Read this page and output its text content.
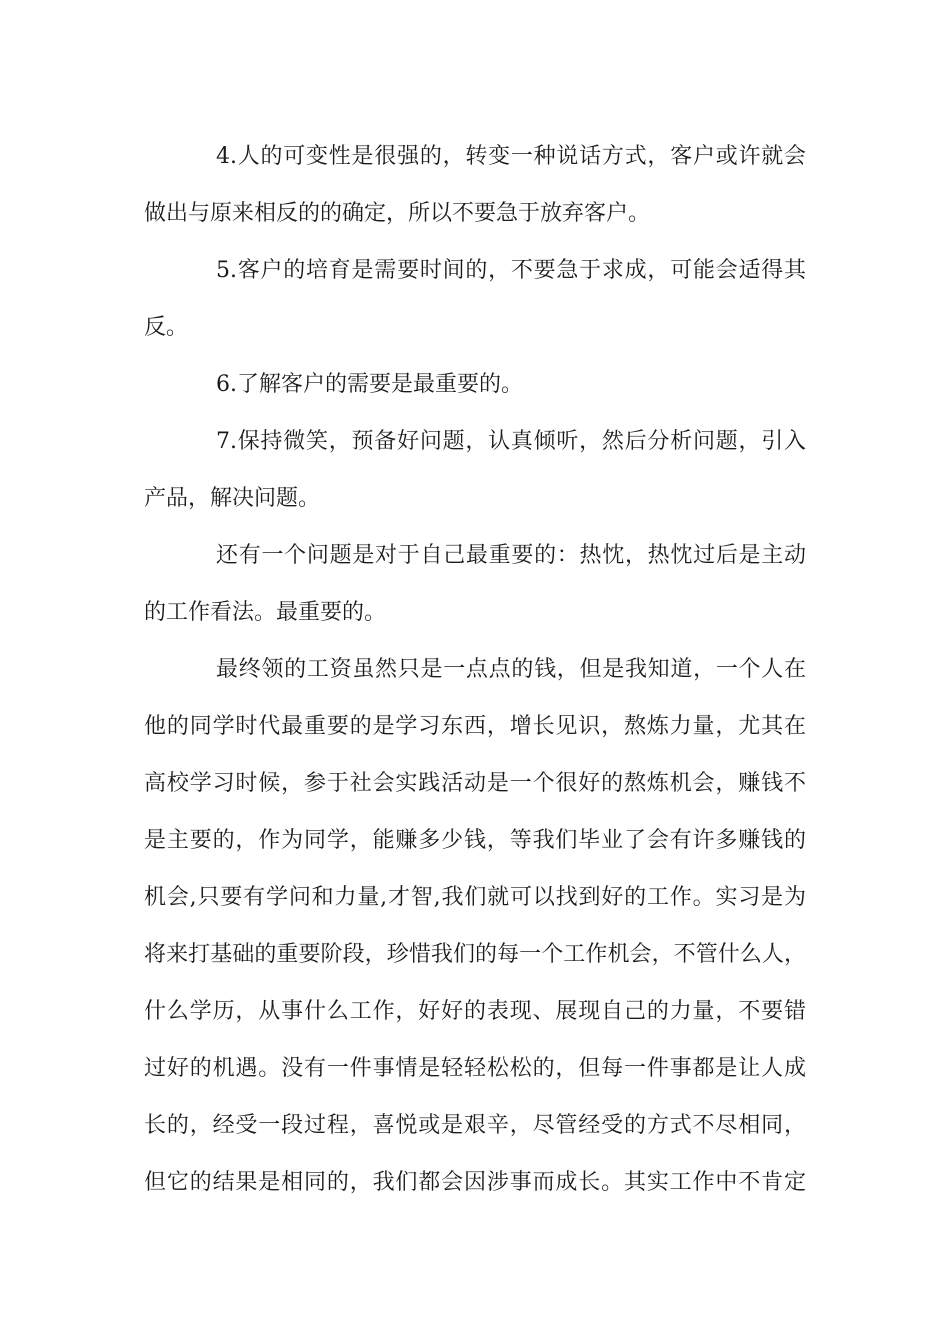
4.人的可变性是很强的，转变一种说话方式，客户或许就会
做出与原来相反的的确定，所以不要急于放弃客户。
5.客户的培育是需要时间的，不要急于求成，可能会适得其
反。
6.了解客户的需要是最重要的。
7.保持微笑，预备好问题，认真倾听，然后分析问题，引入
产品，解决问题。
还有一个问题是对于自己最重要的：热忱，热忱过后是主动
的工作看法。最重要的。
最终领的工资虽然只是一点点的钱，但是我知道，一个人在
他的同学时代最重要的是学习东西，增长见识，熬炼力量，尤其在
高校学习时候，参于社会实践活动是一个很好的熬炼机会，赚钱不
是主要的，作为同学，能赚多少钱，等我们毕业了会有许多赚钱的
机会,只要有学问和力量,才智,我们就可以找到好的工作。实习是为
将来打基础的重要阶段，珍惜我们的每一个工作机会，不管什么人，
什么学历，从事什么工作，好好的表现、展现自己的力量，不要错
过好的机遇。没有一件事情是轻轻松松的，但每一件事都是让人成
长的，经受一段过程，喜悦或是艰辛，尽管经受的方式不尽相同，
但它的结果是相同的，我们都会因涉事而成长。其实工作中不肯定
